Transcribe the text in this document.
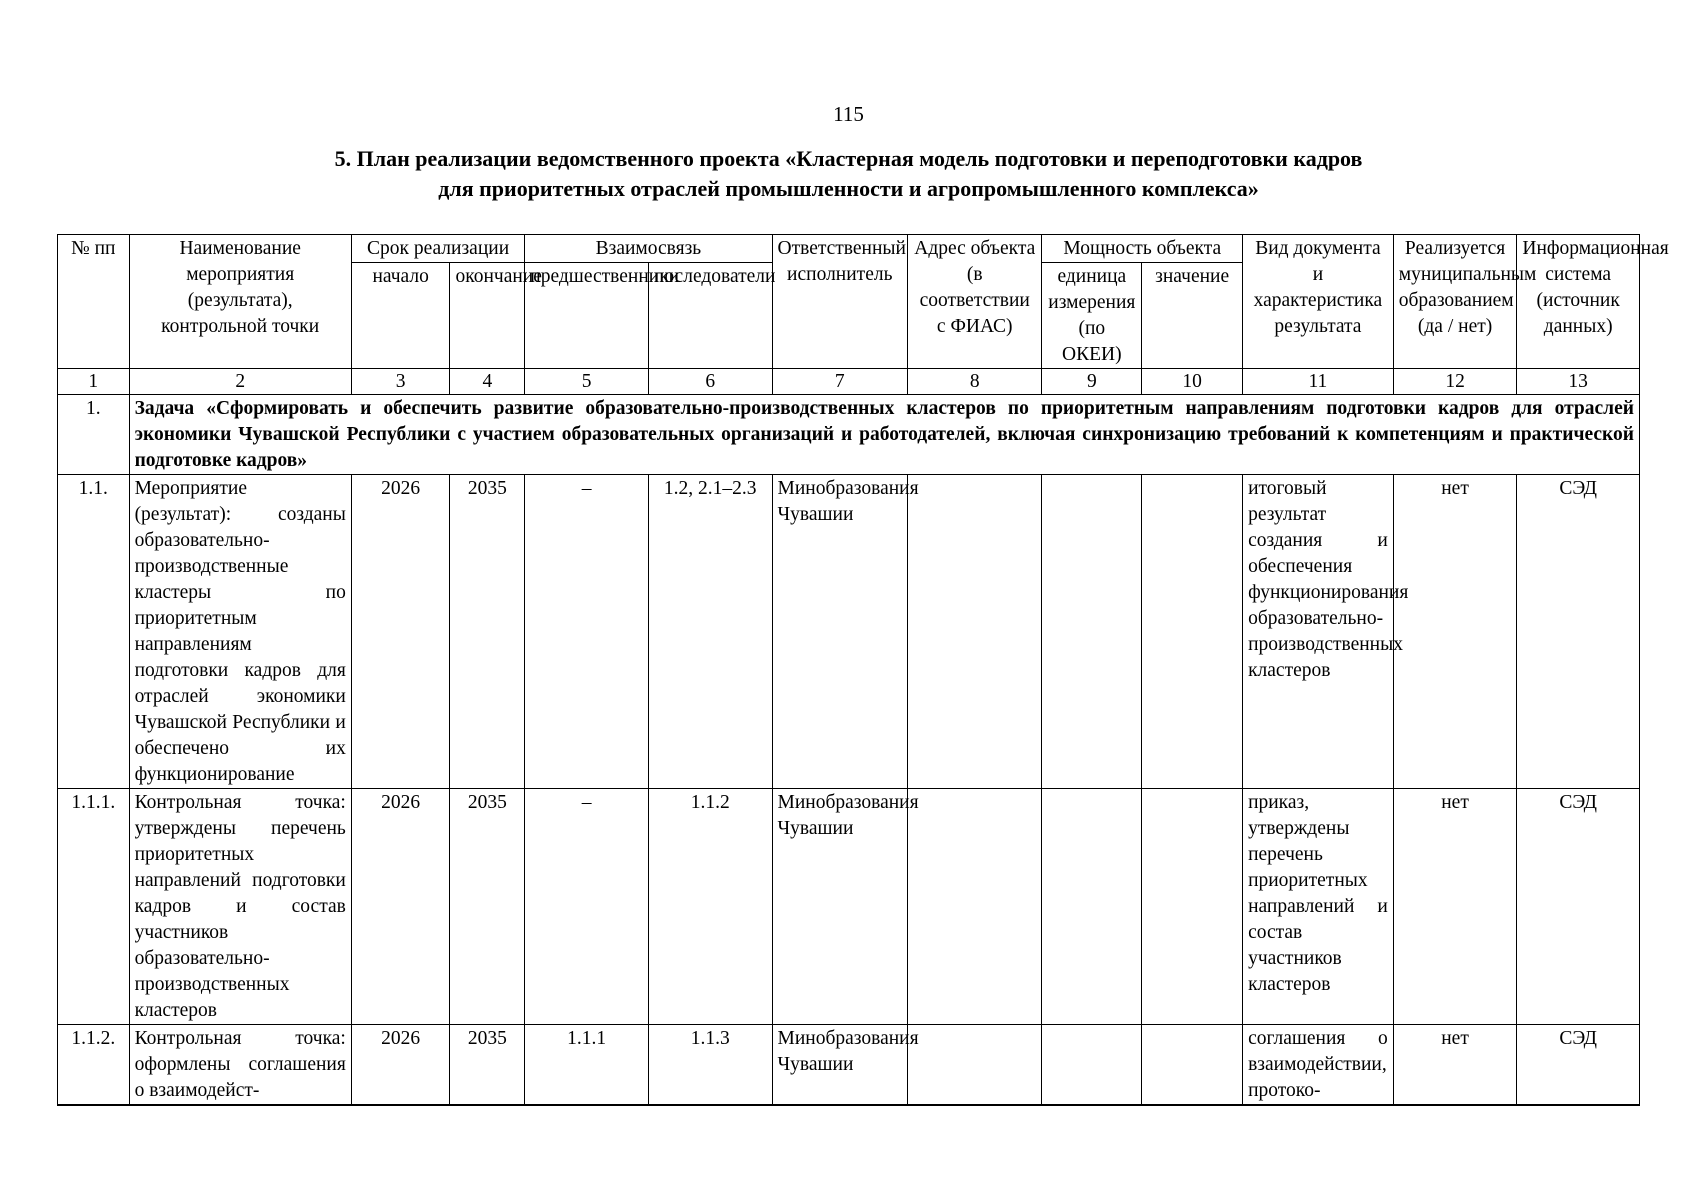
115
5. План реализации ведомственного проекта «Кластерная модель подготовки и переподготовки кадров
для приоритетных отраслей промышленности и агропромышленного комплекса»
№ пп	Наименование мероприятия (результата), контрольной точки	Срок реализации		Взаимосвязь		Ответственный исполнитель	Адрес объекта (в соответствии с ФИАС)	Мощность объекта		Вид документа и характеристика результата	Реализуется муниципальным образованием (да / нет)	Информационная система (источник данных)
		начало	окончание	предшественники	последователи			единица измерения (по ОКЕИ)	значение			
1	2	3	4	5	6	7	8	9	10	11	12	13
1.	Задача «Сформировать и обеспечить развитие образовательно-производственных кластеров по приоритетным направлениям подготовки кадров для отраслей экономики Чувашской Республики с участием образовательных организаций и работодателей, включая синхронизацию требований к компетенциям и практической подготовке кадров»											
1.1.	Мероприятие (результат): созданы образовательно-производственные кластеры по приоритетным направлениям подготовки кадров для отраслей экономики Чувашской Республики и обеспечено их функционирование	2026	2035	–	1.2, 2.1–2.3	Минобразования Чувашии				итоговый результат создания и обеспечения функционирования образовательно-производственных кластеров	нет	СЭД
1.1.1.	Контрольная точка: утверждены перечень приоритетных направлений подготовки кадров и состав участников образовательно-производственных кластеров	2026	2035	–	1.1.2	Минобразования Чувашии				приказ, утверждены перечень приоритетных направлений и состав участников кластеров	нет	СЭД
1.1.2.	Контрольная точка: оформлены соглашения о взаимодейст-	2026	2035	1.1.1	1.1.3	Минобразования Чувашии				соглашения о взаимодействии, протоко-	нет	СЭД
